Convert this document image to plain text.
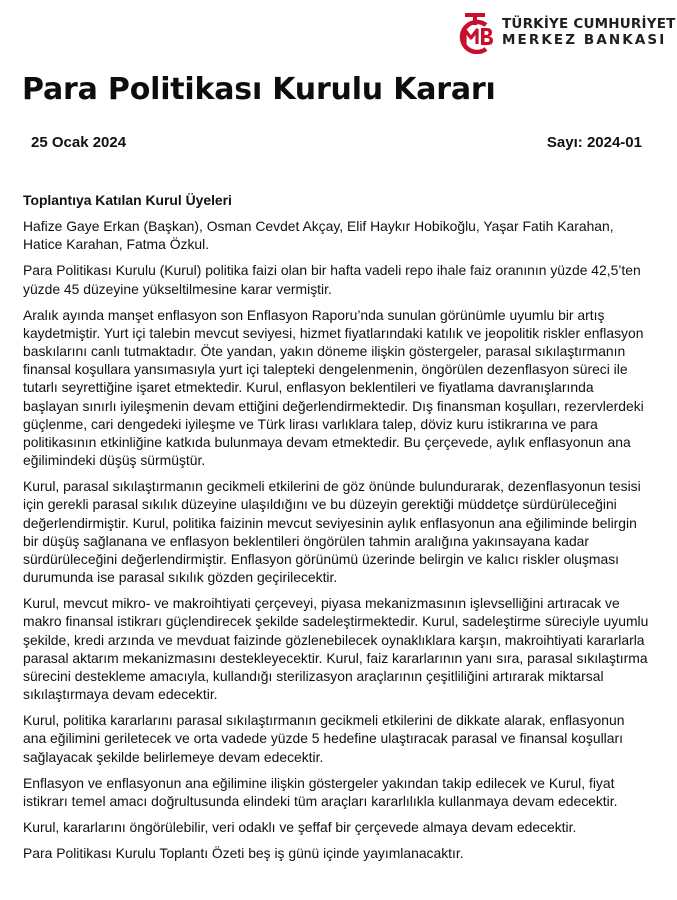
TÜRKİYE CUMHURİYET
MERKEZ BANKASI
Para Politikası Kurulu Kararı
25 Ocak 2024	Sayı: 2024-01

Toplantıya Katılan Kurul Üyeleri

Hafize Gaye Erkan (Başkan), Osman Cevdet Akçay, Elif Haykır Hobikoğlu, Yaşar Fatih Karahan, Hatice Karahan, Fatma Özkul.

Para Politikası Kurulu (Kurul) politika faizi olan bir hafta vadeli repo ihale faiz oranının yüzde 42,5’ten yüzde 45 düzeyine yükseltilmesine karar vermiştir.

Aralık ayında manşet enflasyon son Enflasyon Raporu’nda sunulan görünümle uyumlu bir artış kaydetmiştir. Yurt içi talebin mevcut seviyesi, hizmet fiyatlarındaki katılık ve jeopolitik riskler enflasyon baskılarını canlı tutmaktadır. Öte yandan, yakın döneme ilişkin göstergeler, parasal sıkılaştırmanın finansal koşullara yansımasıyla yurt içi talepteki dengelenmenin, öngörülen dezenflasyon süreci ile tutarlı seyrettiğine işaret etmektedir. Kurul, enflasyon beklentileri ve fiyatlama davranışlarında başlayan sınırlı iyileşmenin devam ettiğini değerlendirmektedir. Dış finansman koşulları, rezervlerdeki güçlenme, cari dengedeki iyileşme ve Türk lirası varlıklara talep, döviz kuru istikrarına ve para politikasının etkinliğine katkıda bulunmaya devam etmektedir. Bu çerçevede, aylık enflasyonun ana eğilimindeki düşüş sürmüştür.

Kurul, parasal sıkılaştırmanın gecikmeli etkilerini de göz önünde bulundurarak, dezenflasyonun tesisi için gerekli parasal sıkılık düzeyine ulaşıldığını ve bu düzeyin gerektiği müddetçe sürdürüleceğini değerlendirmiştir. Kurul, politika faizinin mevcut seviyesinin aylık enflasyonun ana eğiliminde belirgin bir düşüş sağlanana ve enflasyon beklentileri öngörülen tahmin aralığına yakınsayana kadar sürdürüleceğini değerlendirmiştir. Enflasyon görünümü üzerinde belirgin ve kalıcı riskler oluşması durumunda ise parasal sıkılık gözden geçirilecektir.

Kurul, mevcut mikro- ve makroihtiyati çerçeveyi, piyasa mekanizmasının işlevselliğini artıracak ve makro finansal istikrarı güçlendirecek şekilde sadeleştirmektedir. Kurul, sadeleştirme süreciyle uyumlu şekilde, kredi arzında ve mevduat faizinde gözlenebilecek oynaklıklara karşın, makroihtiyati kararlarla parasal aktarım mekanizmasını destekleyecektir. Kurul, faiz kararlarının yanı sıra, parasal sıkılaştırma sürecini destekleme amacıyla, kullandığı sterilizasyon araçlarının çeşitliliğini artırarak miktarsal sıkılaştırmaya devam edecektir.

Kurul, politika kararlarını parasal sıkılaştırmanın gecikmeli etkilerini de dikkate alarak, enflasyonun ana eğilimini geriletecek ve orta vadede yüzde 5 hedefine ulaştıracak parasal ve finansal koşulları sağlayacak şekilde belirlemeye devam edecektir.

Enflasyon ve enflasyonun ana eğilimine ilişkin göstergeler yakından takip edilecek ve Kurul, fiyat istikrarı temel amacı doğrultusunda elindeki tüm araçları kararlılıkla kullanmaya devam edecektir.

Kurul, kararlarını öngörülebilir, veri odaklı ve şeffaf bir çerçevede almaya devam edecektir.

Para Politikası Kurulu Toplantı Özeti beş iş günü içinde yayımlanacaktır.
